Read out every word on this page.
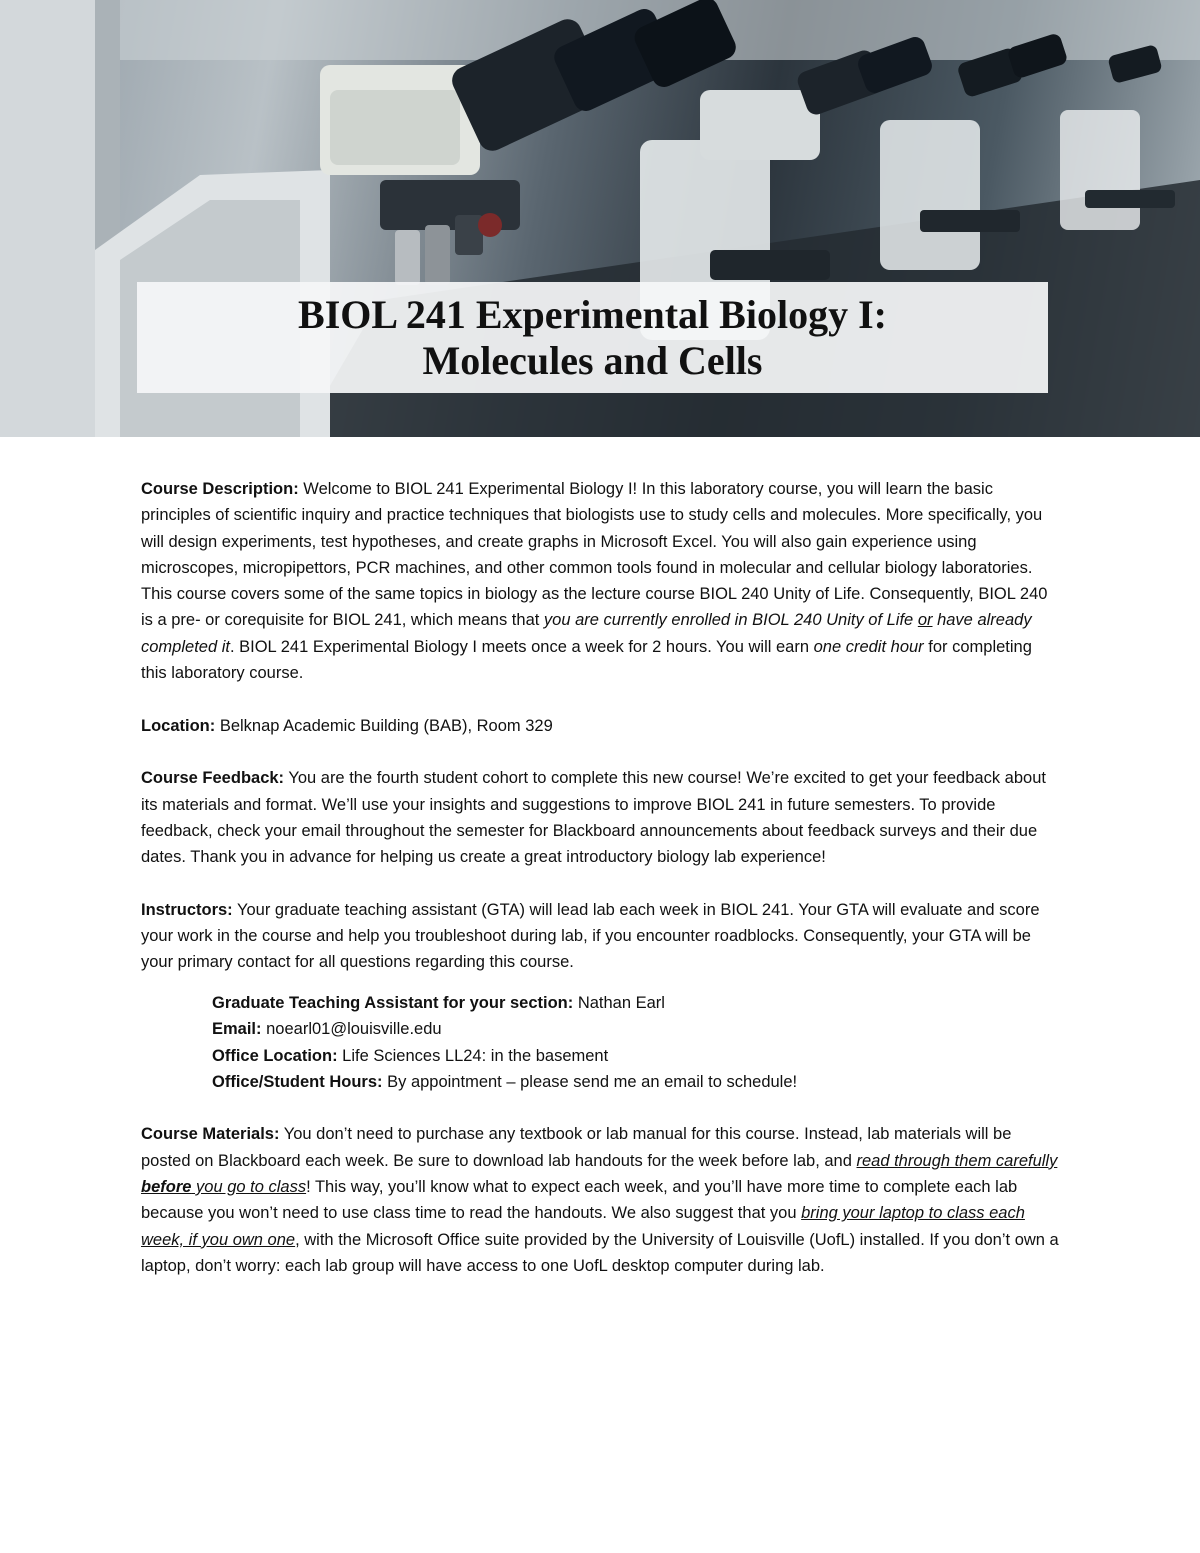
BIOL 241 Experimental Biology I:
Molecules and Cells

Course Description: Welcome to BIOL 241 Experimental Biology I! In this laboratory course, you will learn the basic principles of scientific inquiry and practice techniques that biologists use to study cells and molecules. More specifically, you will design experiments, test hypotheses, and create graphs in Microsoft Excel. You will also gain experience using microscopes, micropipettors, PCR machines, and other common tools found in molecular and cellular biology laboratories. This course covers some of the same topics in biology as the lecture course BIOL 240 Unity of Life. Consequently, BIOL 240 is a pre- or corequisite for BIOL 241, which means that you are currently enrolled in BIOL 240 Unity of Life or have already completed it. BIOL 241 Experimental Biology I meets once a week for 2 hours. You will earn one credit hour for completing this laboratory course.

Location: Belknap Academic Building (BAB), Room 329

Course Feedback: You are the fourth student cohort to complete this new course! We’re excited to get your feedback about its materials and format. We’ll use your insights and suggestions to improve BIOL 241 in future semesters. To provide feedback, check your email throughout the semester for Blackboard announcements about feedback surveys and their due dates. Thank you in advance for helping us create a great introductory biology lab experience!

Instructors: Your graduate teaching assistant (GTA) will lead lab each week in BIOL 241. Your GTA will evaluate and score your work in the course and help you troubleshoot during lab, if you encounter roadblocks. Consequently, your GTA will be your primary contact for all questions regarding this course.

Graduate Teaching Assistant for your section: Nathan Earl
Email: noearl01@louisville.edu
Office Location: Life Sciences LL24: in the basement
Office/Student Hours: By appointment – please send me an email to schedule!

Course Materials: You don’t need to purchase any textbook or lab manual for this course. Instead, lab materials will be posted on Blackboard each week. Be sure to download lab handouts for the week before lab, and read through them carefully before you go to class! This way, you’ll know what to expect each week, and you’ll have more time to complete each lab because you won’t need to use class time to read the handouts. We also suggest that you bring your laptop to class each week, if you own one, with the Microsoft Office suite provided by the University of Louisville (UofL) installed. If you don’t own a laptop, don’t worry: each lab group will have access to one UofL desktop computer during lab.
